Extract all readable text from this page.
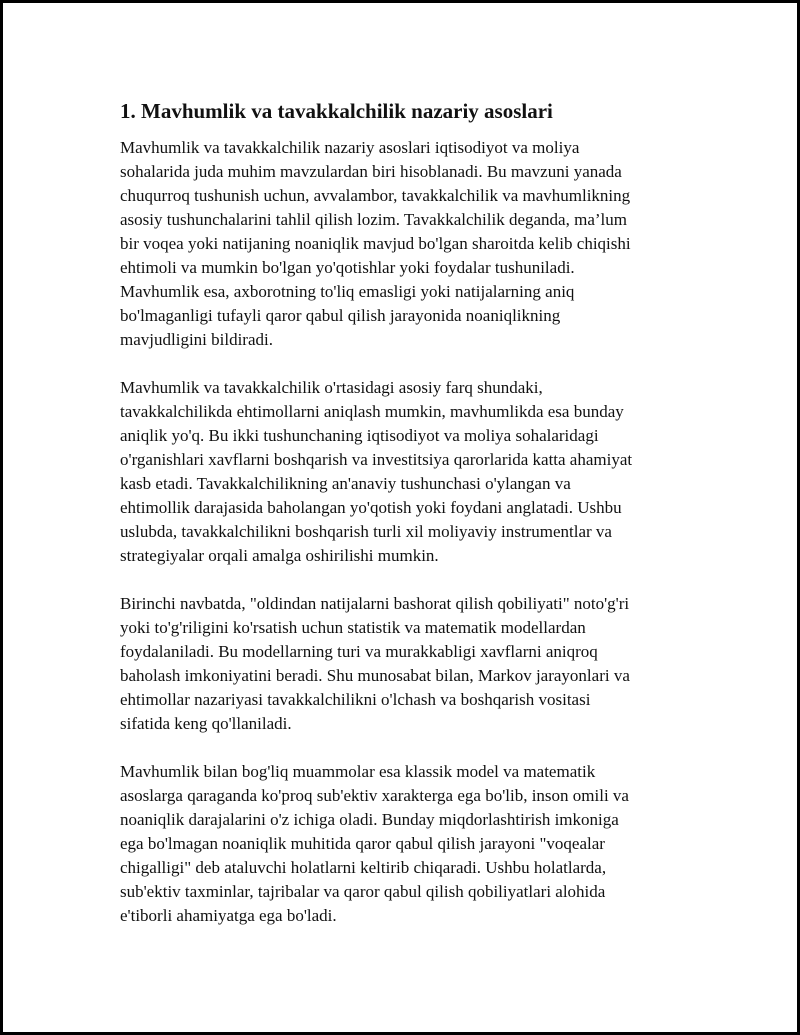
1. Mavhumlik va tavakkalchilik nazariy asoslari

Mavhumlik va tavakkalchilik nazariy asoslari iqtisodiyot va moliya
sohalarida juda muhim mavzulardan biri hisoblanadi. Bu mavzuni yanada
chuqurroq tushunish uchun, avvalambor, tavakkalchilik va mavhumlikning
asosiy tushunchalarini tahlil qilish lozim. Tavakkalchilik deganda, ma’lum
bir voqea yoki natijaning noaniqlik mavjud bo'lgan sharoitda kelib chiqishi
ehtimoli va mumkin bo'lgan yo'qotishlar yoki foydalar tushuniladi.
Mavhumlik esa, axborotning to'liq emasligi yoki natijalarning aniq
bo'lmaganligi tufayli qaror qabul qilish jarayonida noaniqlikning
mavjudligini bildiradi.

Mavhumlik va tavakkalchilik o'rtasidagi asosiy farq shundaki,
tavakkalchilikda ehtimollarni aniqlash mumkin, mavhumlikda esa bunday
aniqlik yo'q. Bu ikki tushunchaning iqtisodiyot va moliya sohalaridagi
o'rganishlari xavflarni boshqarish va investitsiya qarorlarida katta ahamiyat
kasb etadi. Tavakkalchilikning an'anaviy tushunchasi o'ylangan va
ehtimollik darajasida baholangan yo'qotish yoki foydani anglatadi. Ushbu
uslubda, tavakkalchilikni boshqarish turli xil moliyaviy instrumentlar va
strategiyalar orqali amalga oshirilishi mumkin.

Birinchi navbatda, "oldindan natijalarni bashorat qilish qobiliyati" noto'g'ri
yoki to'g'riligini ko'rsatish uchun statistik va matematik modellardan
foydalaniladi. Bu modellarning turi va murakkabligi xavflarni aniqroq
baholash imkoniyatini beradi. Shu munosabat bilan, Markov jarayonlari va
ehtimollar nazariyasi tavakkalchilikni o'lchash va boshqarish vositasi
sifatida keng qo'llaniladi.

Mavhumlik bilan bog'liq muammolar esa klassik model va matematik
asoslarga qaraganda ko'proq sub'ektiv xarakterga ega bo'lib, inson omili va
noaniqlik darajalarini o'z ichiga oladi. Bunday miqdorlashtirish imkoniga
ega bo'lmagan noaniqlik muhitida qaror qabul qilish jarayoni "voqealar
chigalligi" deb ataluvchi holatlarni keltirib chiqaradi. Ushbu holatlarda,
sub'ektiv taxminlar, tajribalar va qaror qabul qilish qobiliyatlari alohida
e'tiborli ahamiyatga ega bo'ladi.
